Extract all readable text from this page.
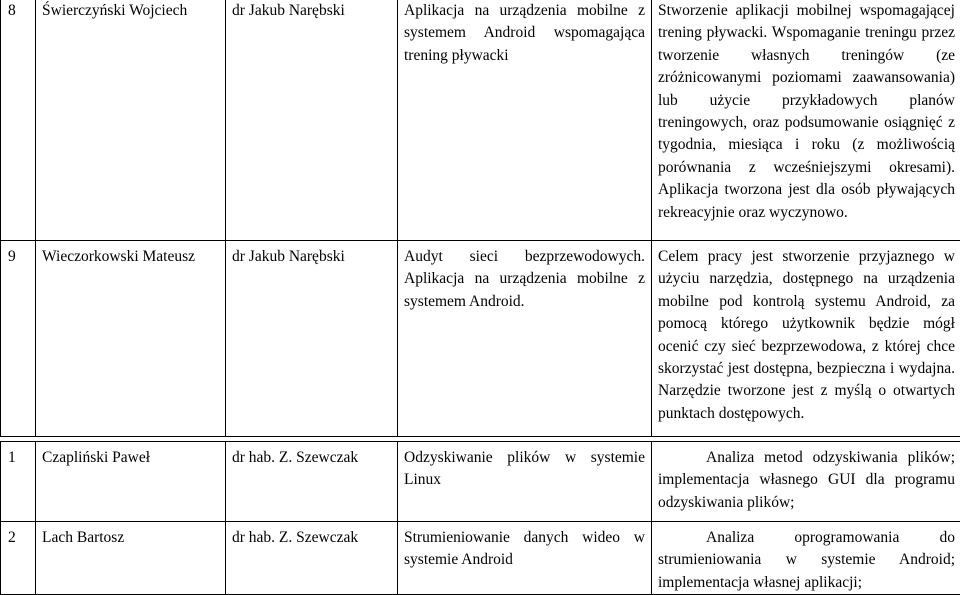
8	Świerczyński Wojciech	dr Jakub Narębski	Aplikacja na urządzenia mobilne z systemem Android wspomagająca trening pływacki	Stworzenie aplikacji mobilnej wspomagającej trening pływacki. Wspomaganie treningu przez tworzenie własnych treningów (ze zróżnicowanymi poziomami zaawansowania) lub użycie przykładowych planów treningowych, oraz podsumowanie osiągnięć z tygodnia, miesiąca i roku (z możliwością porównania z wcześniejszymi okresami). Aplikacja tworzona jest dla osób pływających rekreacyjnie oraz wyczynowo.
9	Wieczorkowski Mateusz	dr Jakub Narębski	Audyt sieci bezprzewodowych. Aplikacja na urządzenia mobilne z systemem Android.	Celem pracy jest stworzenie przyjaznego w użyciu narzędzia, dostępnego na urządzenia mobilne pod kontrolą systemu Android, za pomocą którego użytkownik będzie mógł ocenić czy sieć bezprzewodowa, z której chce skorzystać jest dostępna, bezpieczna i wydajna. Narzędzie tworzone jest z myślą o otwartych punktach dostępowych.
1	Czapliński Paweł	dr hab. Z. Szewczak	Odzyskiwanie plików w systemie Linux	Analiza metod odzyskiwania plików; implementacja własnego GUI dla programu odzyskiwania plików;
2	Lach Bartosz	dr hab. Z. Szewczak	Strumieniowanie danych wideo w systemie Android	Analiza oprogramowania do strumieniowania w systemie Android; implementacja własnej aplikacji;
